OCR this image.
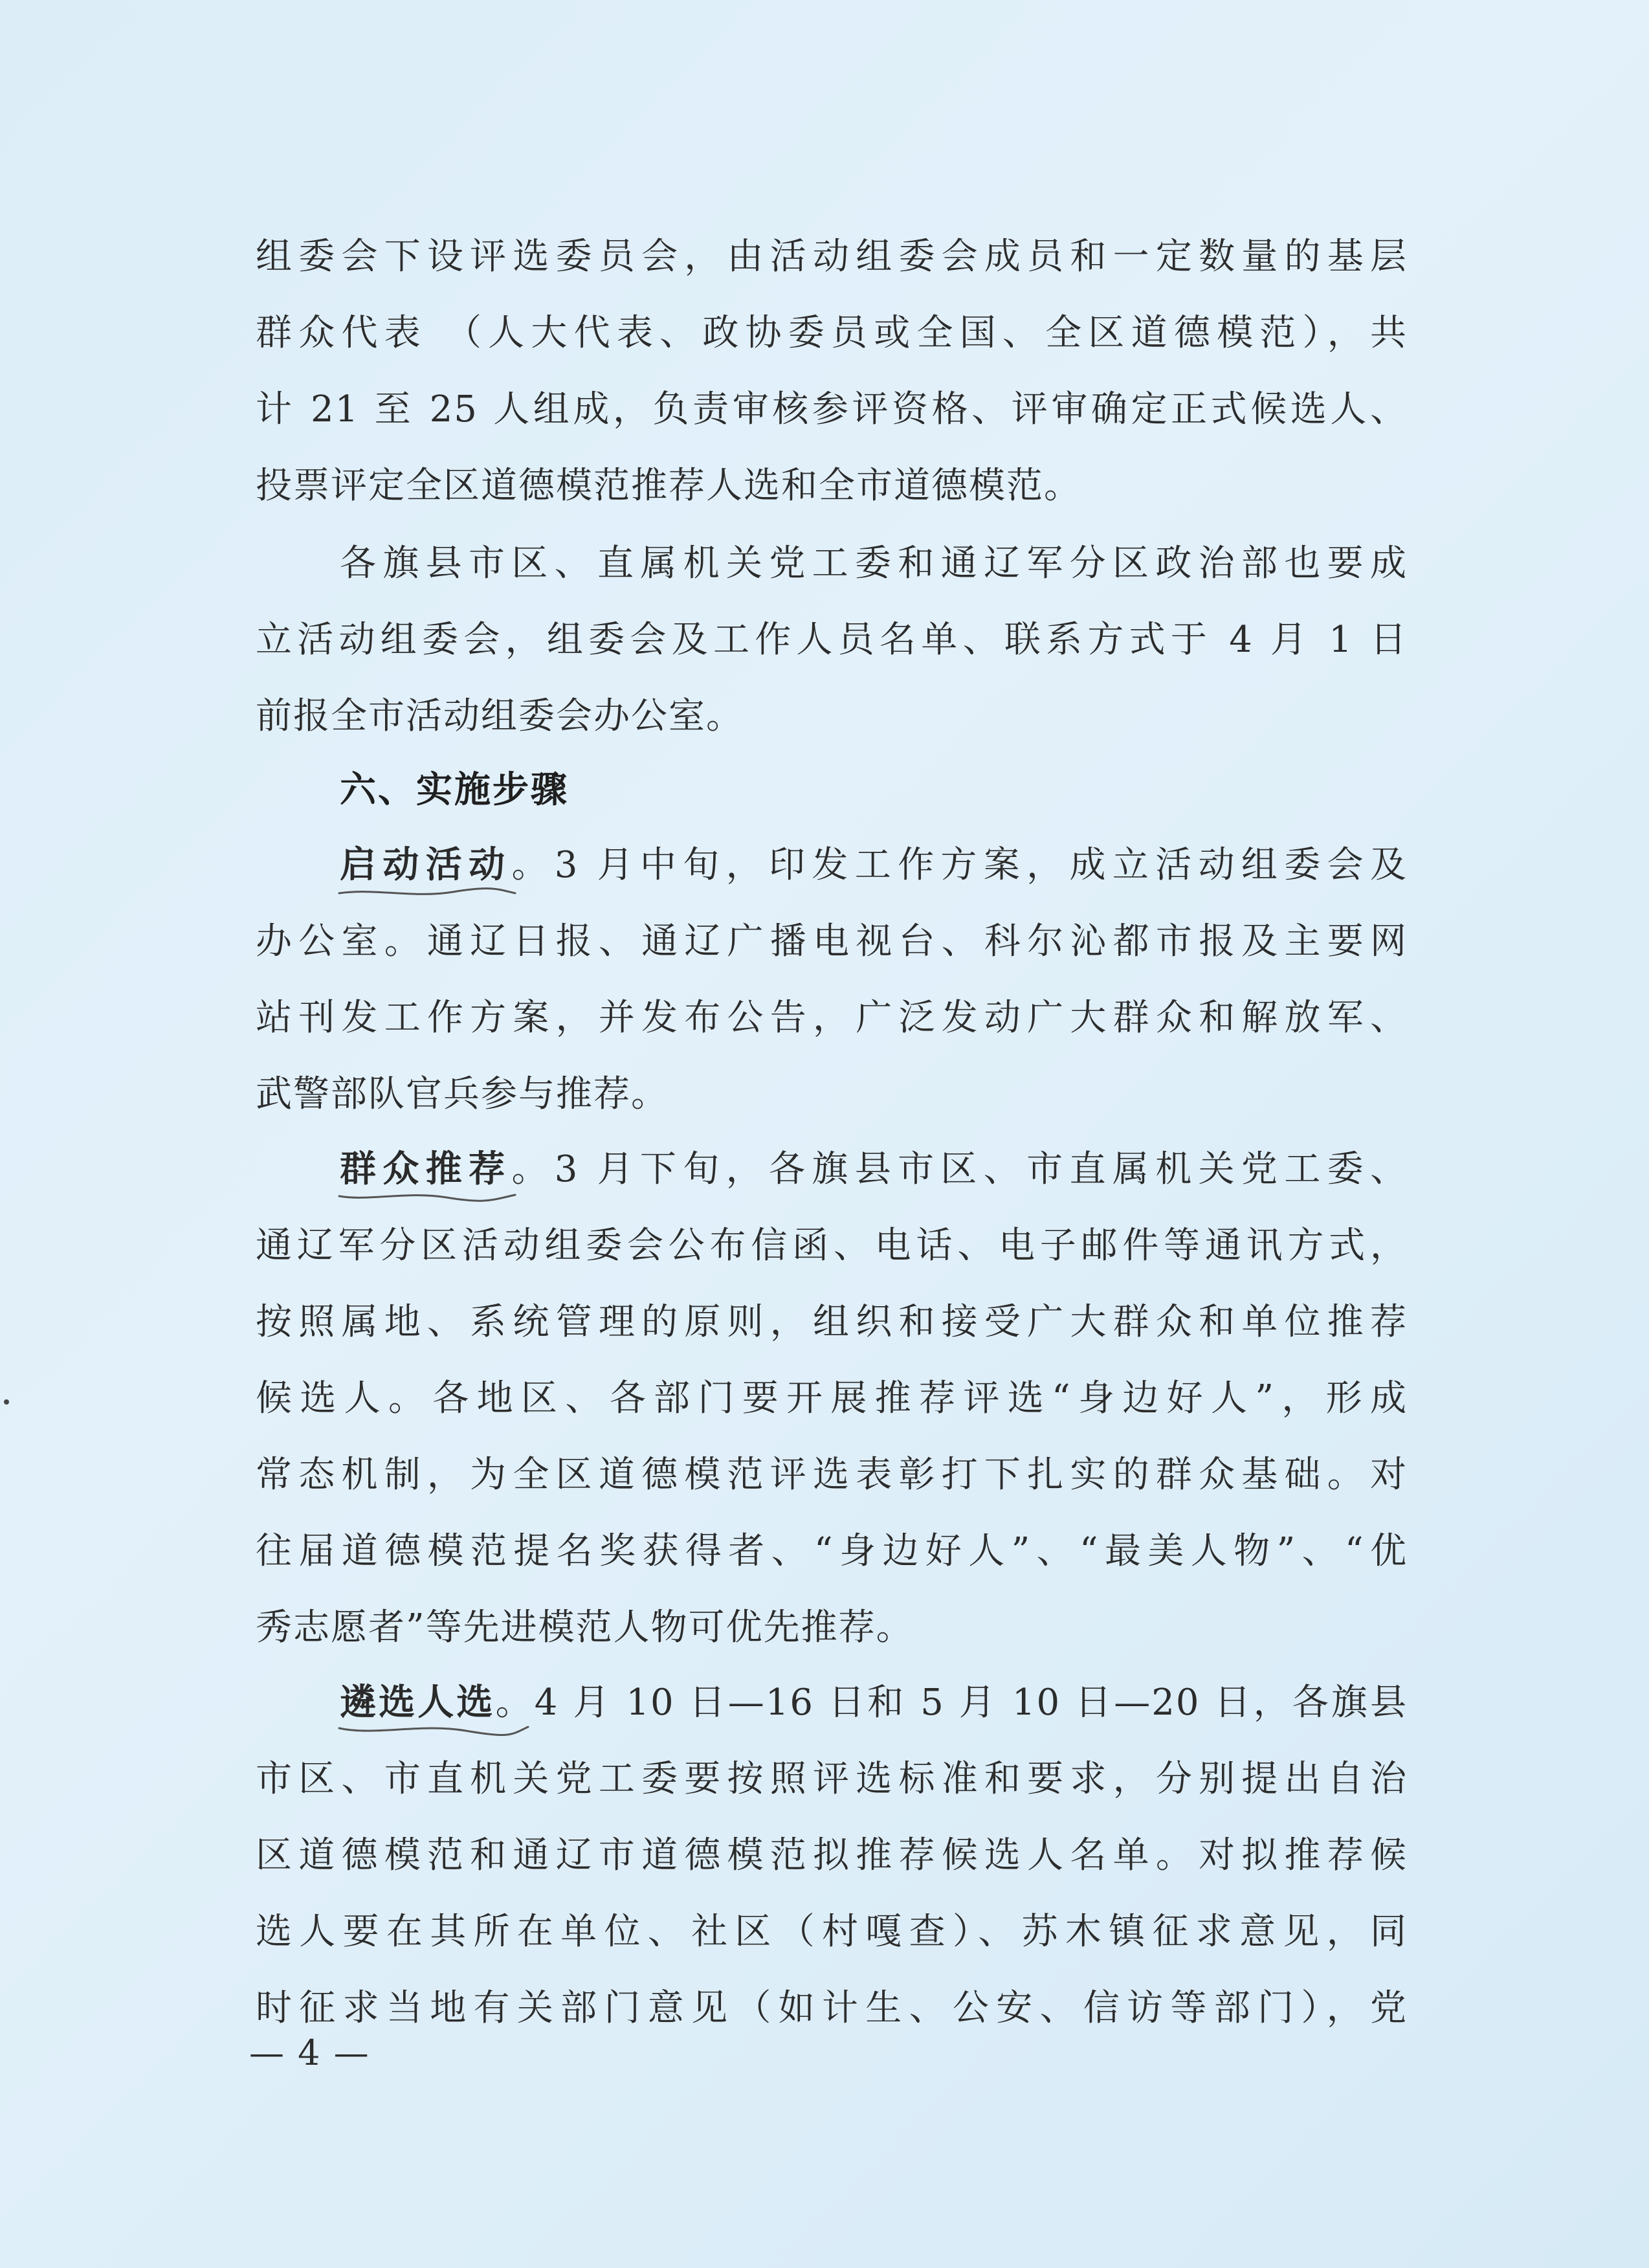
组委会下设评选委员会，由活动组委会成员和一定数量的基层
群众代表 （人大代表、政协委员或全国、全区道德模范），共
计 21 至 25 人组成，负责审核参评资格、评审确定正式候选人、
投票评定全区道德模范推荐人选和全市道德模范。
各旗县市区、直属机关党工委和通辽军分区政治部也要成
立活动组委会，组委会及工作人员名单、联系方式于 4 月 1 日
前报全市活动组委会办公室。
六、实施步骤
启动活动。3 月中旬，印发工作方案，成立活动组委会及
办公室。通辽日报、通辽广播电视台、科尔沁都市报及主要网
站刊发工作方案，并发布公告，广泛发动广大群众和解放军、
武警部队官兵参与推荐。
群众推荐。3 月下旬，各旗县市区、市直属机关党工委、
通辽军分区活动组委会公布信函、电话、电子邮件等通讯方式，
按照属地、系统管理的原则，组织和接受广大群众和单位推荐
候选人。各地区、各部门要开展推荐评选“身边好人”，形成
常态机制，为全区道德模范评选表彰打下扎实的群众基础。对
往届道德模范提名奖获得者、“身边好人”、“最美人物”、“优
秀志愿者”等先进模范人物可优先推荐。
遴选人选。4 月 10 日—16 日和 5 月 10 日—20 日，各旗县
市区、市直机关党工委要按照评选标准和要求，分别提出自治
区道德模范和通辽市道德模范拟推荐候选人名单。对拟推荐候
选人要在其所在单位、社区（村嘎查）、苏木镇征求意见，同
时征求当地有关部门意见（如计生、公安、信访等部门），党
— 4 —
